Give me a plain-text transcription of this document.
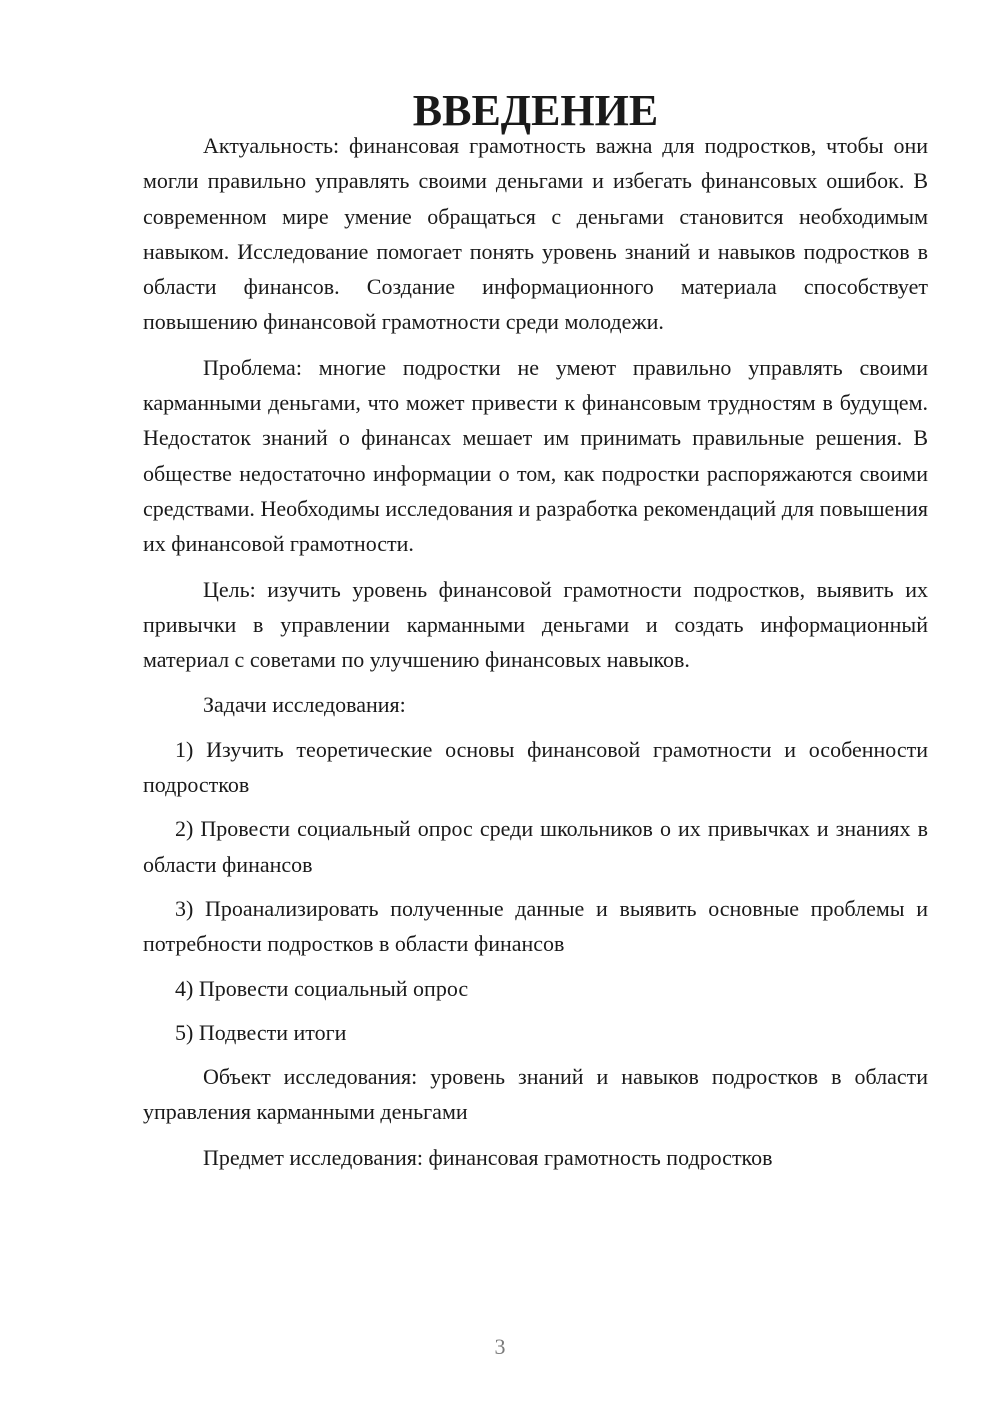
ВВЕДЕНИЕ

Актуальность: финансовая грамотность важна для подростков, чтобы они могли правильно управлять своими деньгами и избегать финансовых ошибок. В современном мире умение обращаться с деньгами становится необходимым навыком. Исследование помогает понять уровень знаний и навыков подростков в области финансов. Создание информационного материала способствует повышению финансовой грамотности среди молодежи.

Проблема: многие подростки не умеют правильно управлять своими карманными деньгами, что может привести к финансовым трудностям в будущем. Недостаток знаний о финансах мешает им принимать правильные решения. В обществе недостаточно информации о том, как подростки распоряжаются своими средствами. Необходимы исследования и разработка рекомендаций для повышения их финансовой грамотности.

Цель: изучить уровень финансовой грамотности подростков, выявить их привычки в управлении карманными деньгами и создать информационный материал с советами по улучшению финансовых навыков.

Задачи исследования:

1) Изучить теоретические основы финансовой грамотности и особенности подростков

2) Провести социальный опрос среди школьников о их привычках и знаниях в области финансов

3) Проанализировать полученные данные и выявить основные проблемы и потребности подростков в области финансов

4) Провести социальный опрос

5) Подвести итоги

Объект исследования: уровень знаний и навыков подростков в области управления карманными деньгами

Предмет исследования: финансовая грамотность подростков

3
